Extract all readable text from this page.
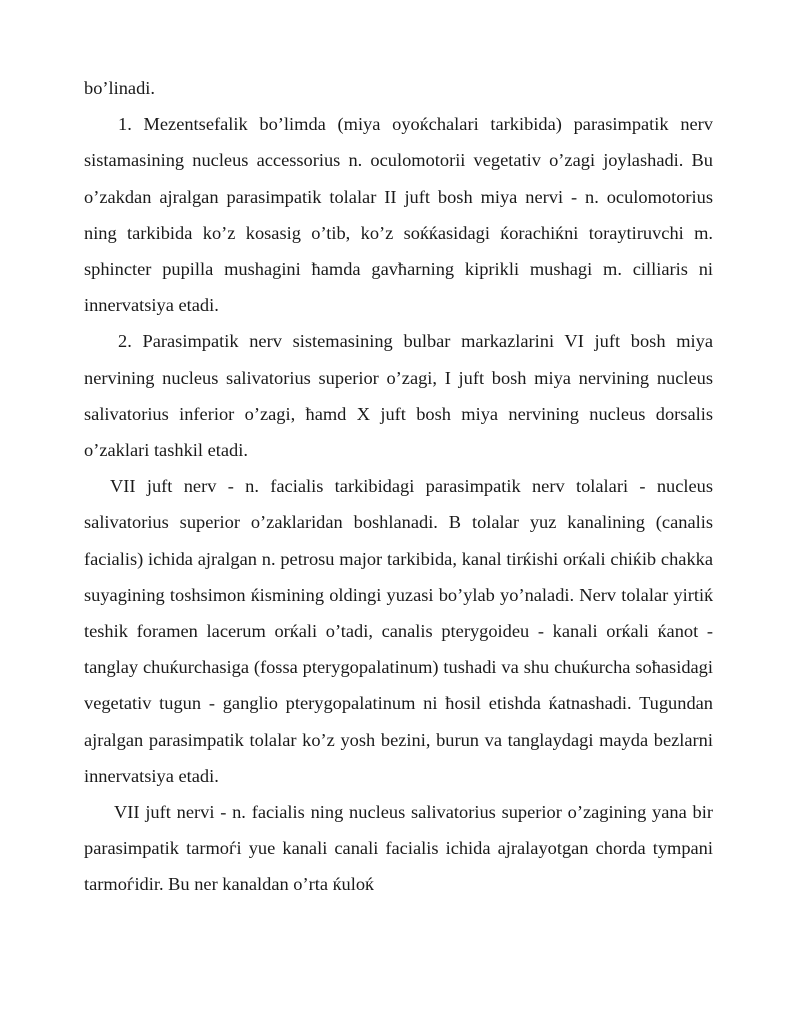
bo’linadi.

1. Mezentsefalik bo’limda (miya oyoќchalari tarkibida) parasimpatik nerv sistamasining nucleus accessorius n. oculomotorii vegetativ o’zagi joylashadi. Bu o’zakdan ajralgan parasimpatik tolalar II juft bosh miya nervi - n. oculomotorius ning tarkibida ko’z kosasig o’tib, ko’z soќќasidagi ќorachiќni toraytiruvchi m. sphincter pupilla mushagini ћamda gavћarning kiprikli mushagi m. cilliaris ni innervatsiya etadi.

2. Parasimpatik nerv sistemasining bulbar markazlarini VI juft bosh miya nervining nucleus salivatorius superior o’zagi, I juft bosh miya nervining nucleus salivatorius inferior o’zagi, ћamd X juft bosh miya nervining nucleus dorsalis o’zaklari tashkil etadi.

VII juft nerv - n. facialis tarkibidagi parasimpatik nerv tolalari - nucleus salivatorius superior o’zaklaridan boshlanadi. B tolalar yuz kanalining (canalis facialis) ichida ajralgan n. petrosu major tarkibida, kanal tirќishi orќali chiќib chakka suyagining toshsimon ќismining oldingi yuzasi bo’ylab yo’naladi. Nerv tolalar yirtiќ teshik foramen lacerum orќali o’tadi, canalis pterygoideu - kanali orќali ќanot - tanglay chuќurchasiga (fossa pterygopalatinum) tushadi va shu chuќurcha soћasidagi vegetativ tugun - ganglio pterygopalatinum ni ћosil etishda ќatnashadi. Tugundan ajralgan parasimpatik tolalar ko’z yosh bezini, burun va tanglaydagi mayda bezlarni innervatsiya etadi.

VII juft nervi - n. facialis ning nucleus salivatorius superior o’zagining yana bir parasimpatik tarmoѓi yue kanali canali facialis ichida ajralayotgan chorda tympani tarmoѓidir. Bu ner kanaldan o’rta ќuloќ
